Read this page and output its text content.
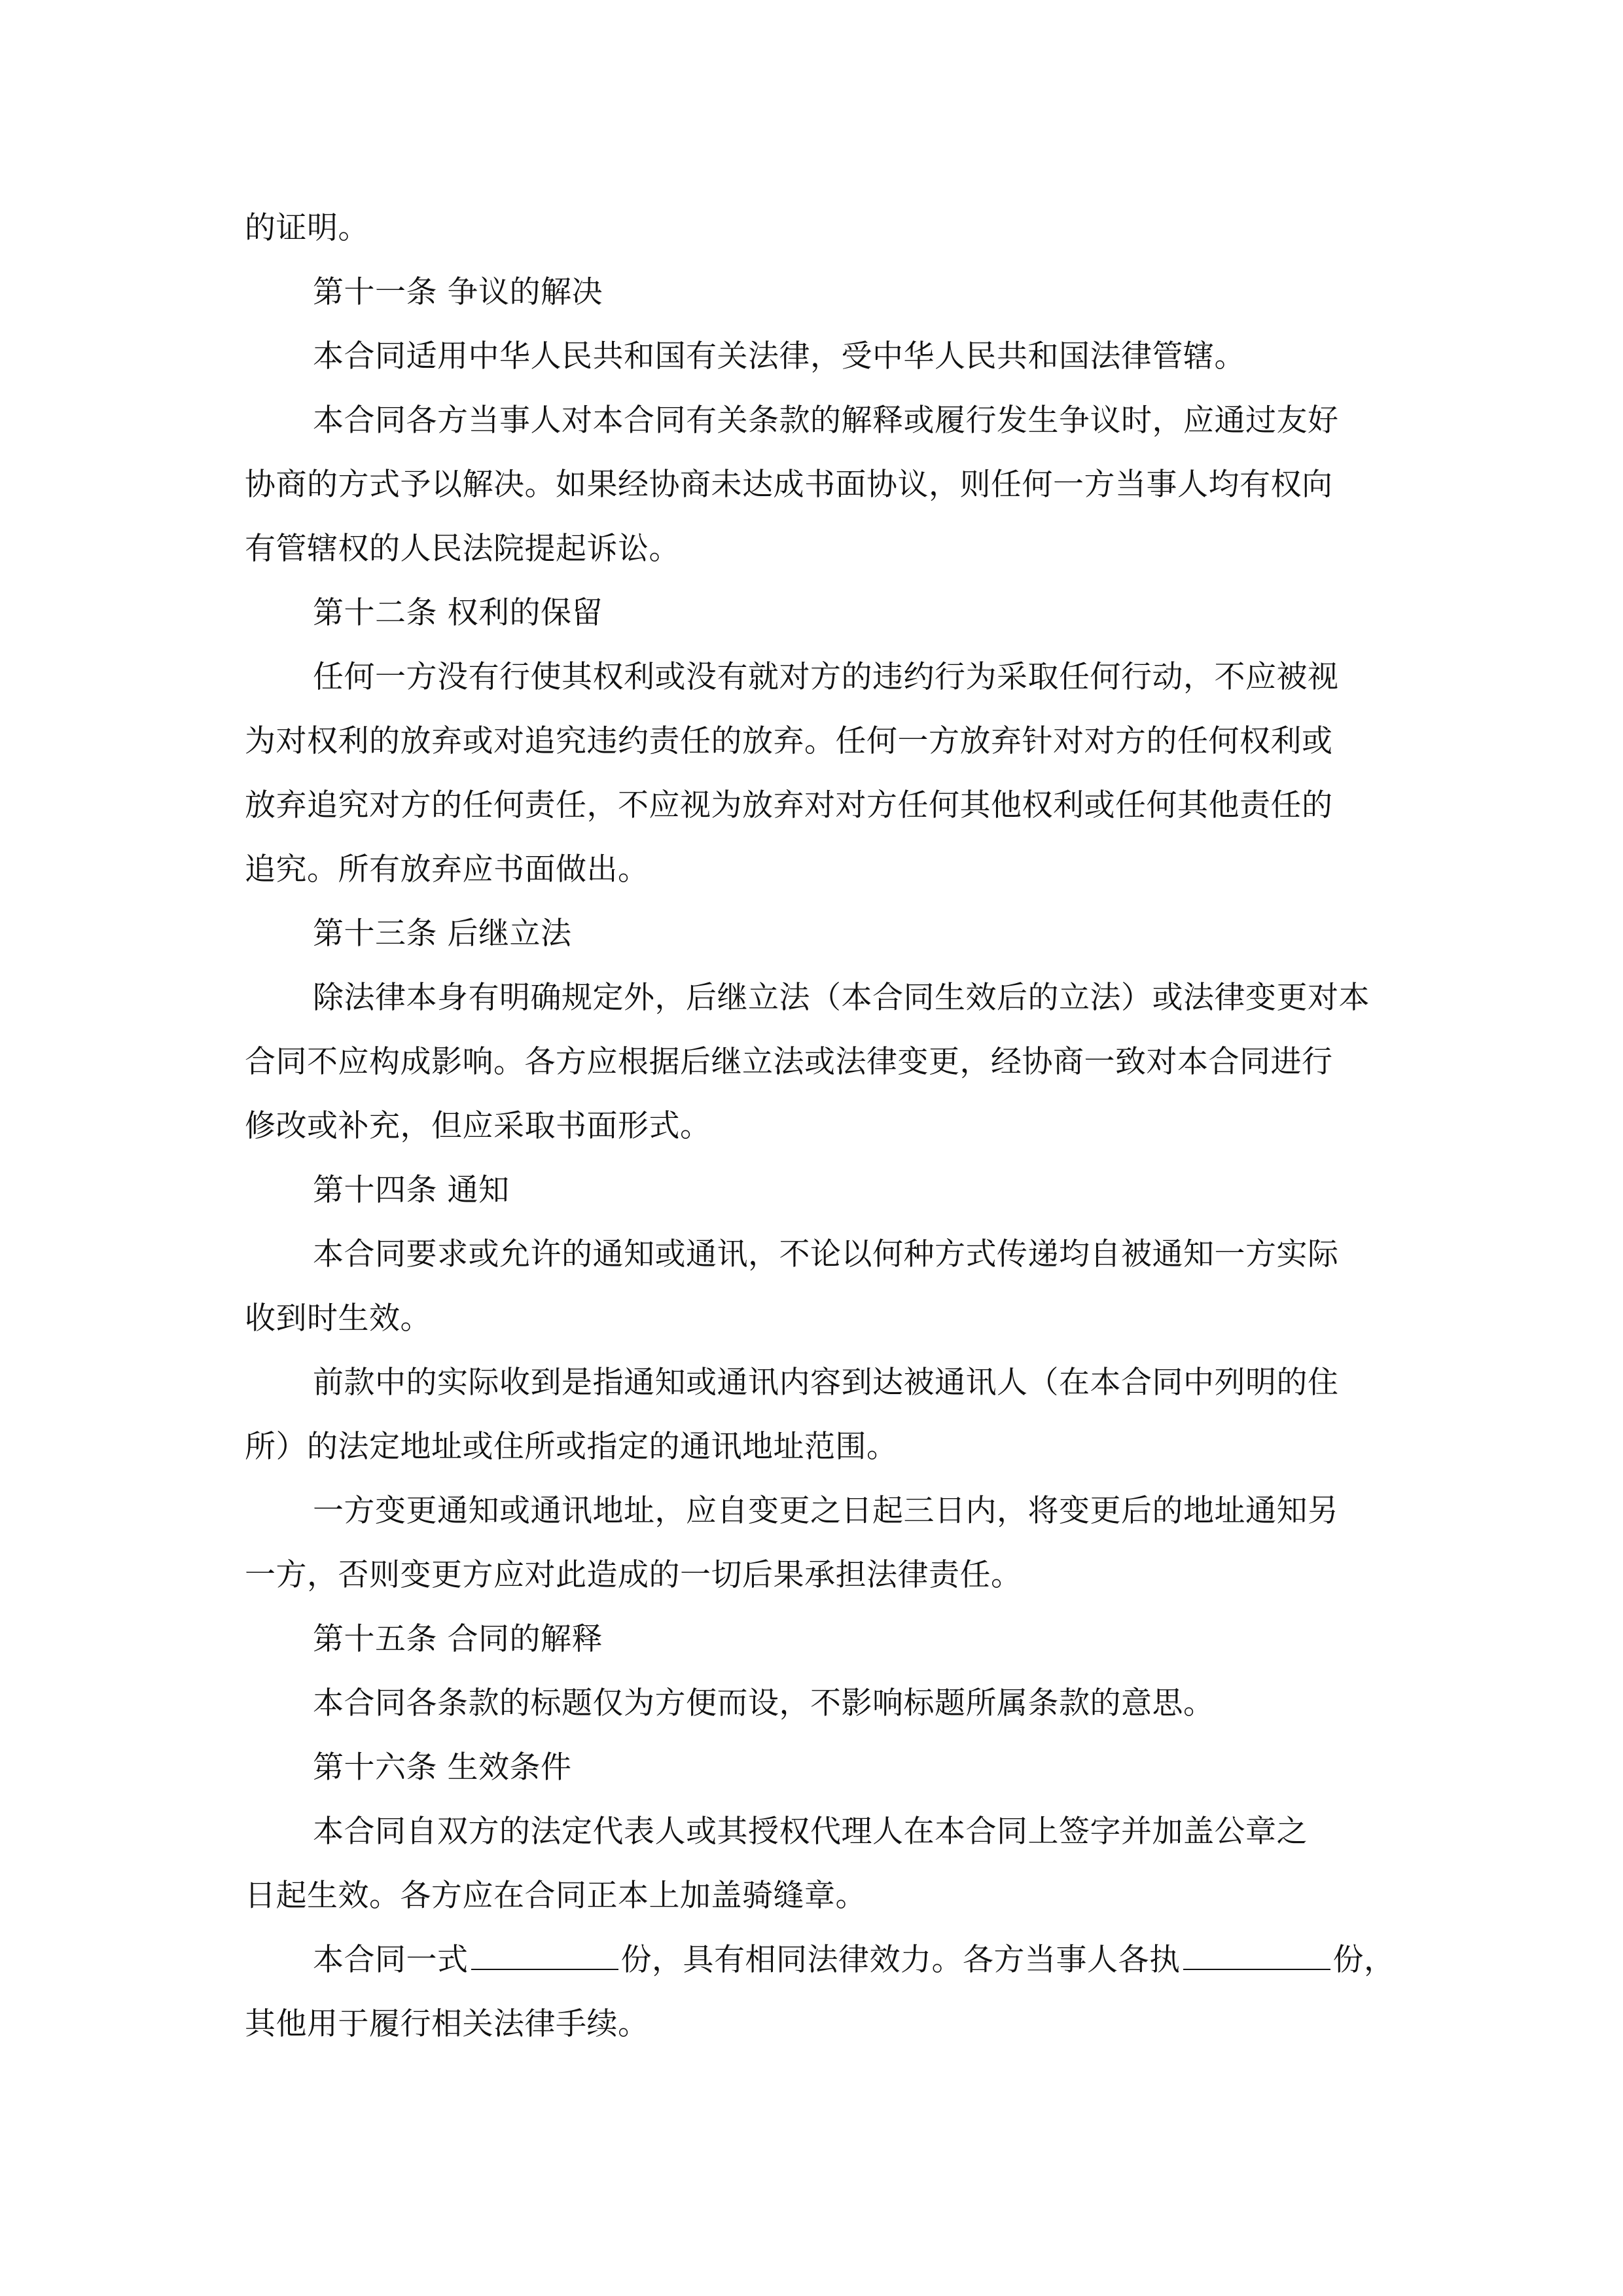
的证明。
第十一条 争议的解决
本合同适用中华人民共和国有关法律，受中华人民共和国法律管辖。
本合同各方当事人对本合同有关条款的解释或履行发生争议时，应通过友好
协商的方式予以解决。如果经协商未达成书面协议，则任何一方当事人均有权向
有管辖权的人民法院提起诉讼。
第十二条 权利的保留
任何一方没有行使其权利或没有就对方的违约行为采取任何行动，不应被视
为对权利的放弃或对追究违约责任的放弃。任何一方放弃针对对方的任何权利或
放弃追究对方的任何责任，不应视为放弃对对方任何其他权利或任何其他责任的
追究。所有放弃应书面做出。
第十三条 后继立法
除法律本身有明确规定外，后继立法（本合同生效后的立法）或法律变更对本
合同不应构成影响。各方应根据后继立法或法律变更，经协商一致对本合同进行
修改或补充，但应采取书面形式。
第十四条 通知
本合同要求或允许的通知或通讯，不论以何种方式传递均自被通知一方实际
收到时生效。
前款中的实际收到是指通知或通讯内容到达被通讯人（在本合同中列明的住
所）的法定地址或住所或指定的通讯地址范围。
一方变更通知或通讯地址，应自变更之日起三日内，将变更后的地址通知另
一方，否则变更方应对此造成的一切后果承担法律责任。
第十五条 合同的解释
本合同各条款的标题仅为方便而设，不影响标题所属条款的意思。
第十六条 生效条件
本合同自双方的法定代表人或其授权代理人在本合同上签字并加盖公章之
日起生效。各方应在合同正本上加盖骑缝章。
本合同一式	份，具有相同法律效力。各方当事人各执	份，
其他用于履行相关法律手续。
